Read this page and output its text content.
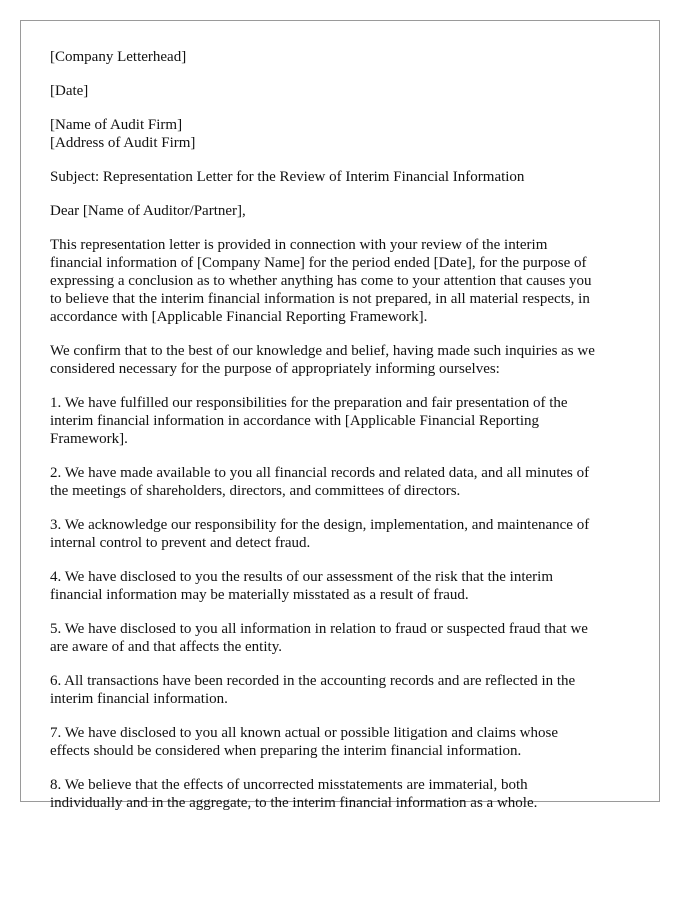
[Company Letterhead]

[Date]

[Name of Audit Firm]

[Address of Audit Firm]

Subject: Representation Letter for the Review of Interim Financial Information

Dear [Name of Auditor/Partner],

This representation letter is provided in connection with your review of the interim

financial information of [Company Name] for the period ended [Date], for the purpose of

expressing a conclusion as to whether anything has come to your attention that causes you

to believe that the interim financial information is not prepared, in all material respects, in

accordance with [Applicable Financial Reporting Framework].

We confirm that to the best of our knowledge and belief, having made such inquiries as we

considered necessary for the purpose of appropriately informing ourselves:

1. We have fulfilled our responsibilities for the preparation and fair presentation of the

interim financial information in accordance with [Applicable Financial Reporting

Framework].

2. We have made available to you all financial records and related data, and all minutes of

the meetings of shareholders, directors, and committees of directors.

3. We acknowledge our responsibility for the design, implementation, and maintenance of

internal control to prevent and detect fraud.

4. We have disclosed to you the results of our assessment of the risk that the interim

financial information may be materially misstated as a result of fraud.

5. We have disclosed to you all information in relation to fraud or suspected fraud that we

are aware of and that affects the entity.

6. All transactions have been recorded in the accounting records and are reflected in the

interim financial information.

7. We have disclosed to you all known actual or possible litigation and claims whose

effects should be considered when preparing the interim financial information.

8. We believe that the effects of uncorrected misstatements are immaterial, both

individually and in the aggregate, to the interim financial information as a whole.
